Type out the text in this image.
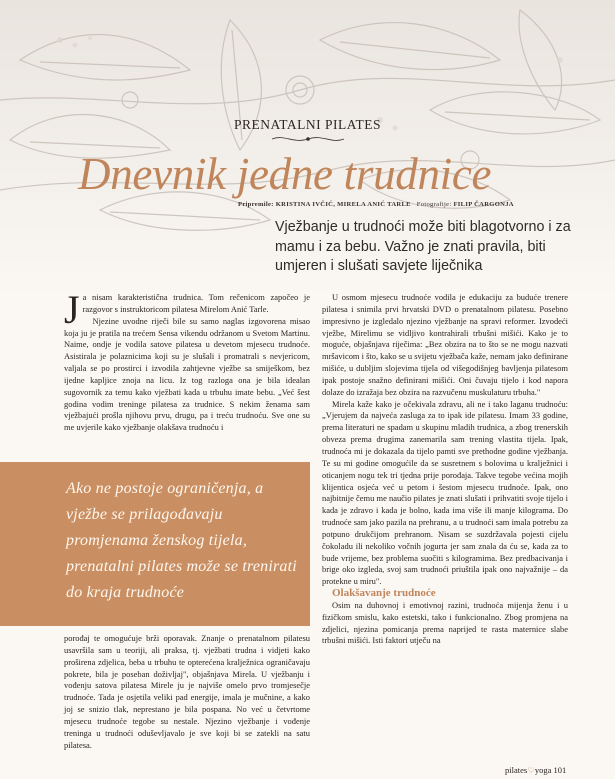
PRENATALNI PILATES
Dnevnik jedne trudnice
Pripremile: KRISTINA IVČIĆ, MIRELA ANIĆ TARLE Fotografije: FILIP ČARGONJA
Vježbanje u trudnoći može biti blagotvorno i za mamu i za bebu. Važno je znati pravila, biti umjeren i slušati savjete liječnika

Ja nisam karakteristična trudnica. Tom rečenicom započeo je razgovor s instruktoricom pilatesa Mirelom Anić Tarle.

Njezine uvodne riječi bile su samo naglas izgovorena misao koja ju je pratila na trećem Sensa vikendu održanom u Svetom Martinu. Naime, ondje je vodila satove pilatesa u devetom mjesecu trudnoće. Asistirala je polaznicima koji su je slušali i promatrali s nevjericom, valjala se po prostirci i izvodila zahtjevne vježbe sa smiješkom, bez ijedne kapljice znoja na licu. Iz tog razloga ona je bila idealan sugovornik za temu kako vježbati kada u trbuhu imate bebu. „Već šest godina vodim treninge pilatesa za trudnice. S nekim ženama sam vježbajući prošla njihovu prvu, drugu, pa i treću trudnoću. Sve one su me uvjerile kako vježbanje olakšava trudnoću i

Ako ne postoje ograničenja, a vježbe se prilagođavaju promjenama ženskog tijela, prenatalni pilates može se trenirati do kraja trudnoće

porođaj te omogućuje brži oporavak. Znanje o prenatalnom pilatesu usavršila sam u teoriji, ali praksa, tj. vježbati trudna i vidjeti kako proširena zdjelica, beba u trbuhu te opterećena kralježnica ograničavaju pokrete, bila je poseban doživljaj", objašnjava Mirela. U vježbanju i vođenju satova pilatesa Mirele ju je najviše omelo prvo tromjesečje trudnoće. Tada je osjetila veliki pad energije, imala je mučnine, a kako joj se snizio tlak, neprestano je bila pospana. No već u četvrtome mjesecu trudnoće tegobe su nestale. Njezino vježbanje i vođenje treninga u trudnoći oduševljavalo je sve koji bi se zatekli na satu pilatesa.

U osmom mjesecu trudnoće vodila je edukaciju za buduće trenere pilatesa i snimila prvi hrvatski DVD o prenatalnom pilatesu. Posebno impresivno je izgledalo njezino vježbanje na spravi reformer. Izvodeći vježbe, Mirelimu se vidljivo kontrahirali trbušni mišići. Kako je to moguće, objašnjava riječima: „Bez obzira na to što se ne mogu nazvati mršavicom i što, kako se u svijetu vježbača kaže, nemam jako definirane mišiće, u dubljim slojevima tijela od višegodišnjeg bavljenja pilatesom ipak postoje snažno definirani mišići. Oni čuvaju tijelo i kod napora dolaze do izražaja bez obzira na razvučenu muskulaturu trbuha."

Mirela kaže kako je očekivala zdravu, ali ne i tako laganu trudnoću: „Vjerujem da najveća zasluga za to ipak ide pilatesu. Imam 33 godine, prema literaturi ne spadam u skupinu mladih trudnica, a zbog trenerskih obveza prema drugima zanemarila sam trening vlastita tijela. Ipak, trudnoća mi je dokazala da tijelo pamti sve prethodne godine vježbanja. Te su mi godine omogućile da se susretnem s bolovima u kralježnici i oticanjem nogu tek tri tjedna prije porođaja. Takve tegobe većina mojih klijentica osjeća već u petom i šestom mjesecu trudnoće. Ipak, ono najbitnije čemu me naučio pilates je znati slušati i prihvatiti svoje tijelo i kada je zdravo i kada je bolno, kada ima više ili manje kilograma. Do trudnoće sam jako pazila na prehranu, a u trudnoći sam imala potrebu za potpuno drukčijom prehranom. Nisam se suzdržavala pojesti cijelu čokoladu ili nekoliko vočnih jogurta jer sam znala da ću se, kada za to bude vrijeme, bez problema suočiti s kilogramima. Bez predbacivanja i brige oko izgleda, svoj sam trudnoći priuštila ipak ono najvažnije – da protekne u miru".

Olakšavanje trudnoće

Osim na duhovnoj i emotivnoj razini, trudnoća mijenja ženu i u fizičkom smislu, kako estetski, tako i funkcionalno. Zbog promjena na zdjelici, njezina pomicanja prema naprijed te rasta maternice slabe trbušni mišići. Isti faktori utječu na

pilates♡yoga 101
